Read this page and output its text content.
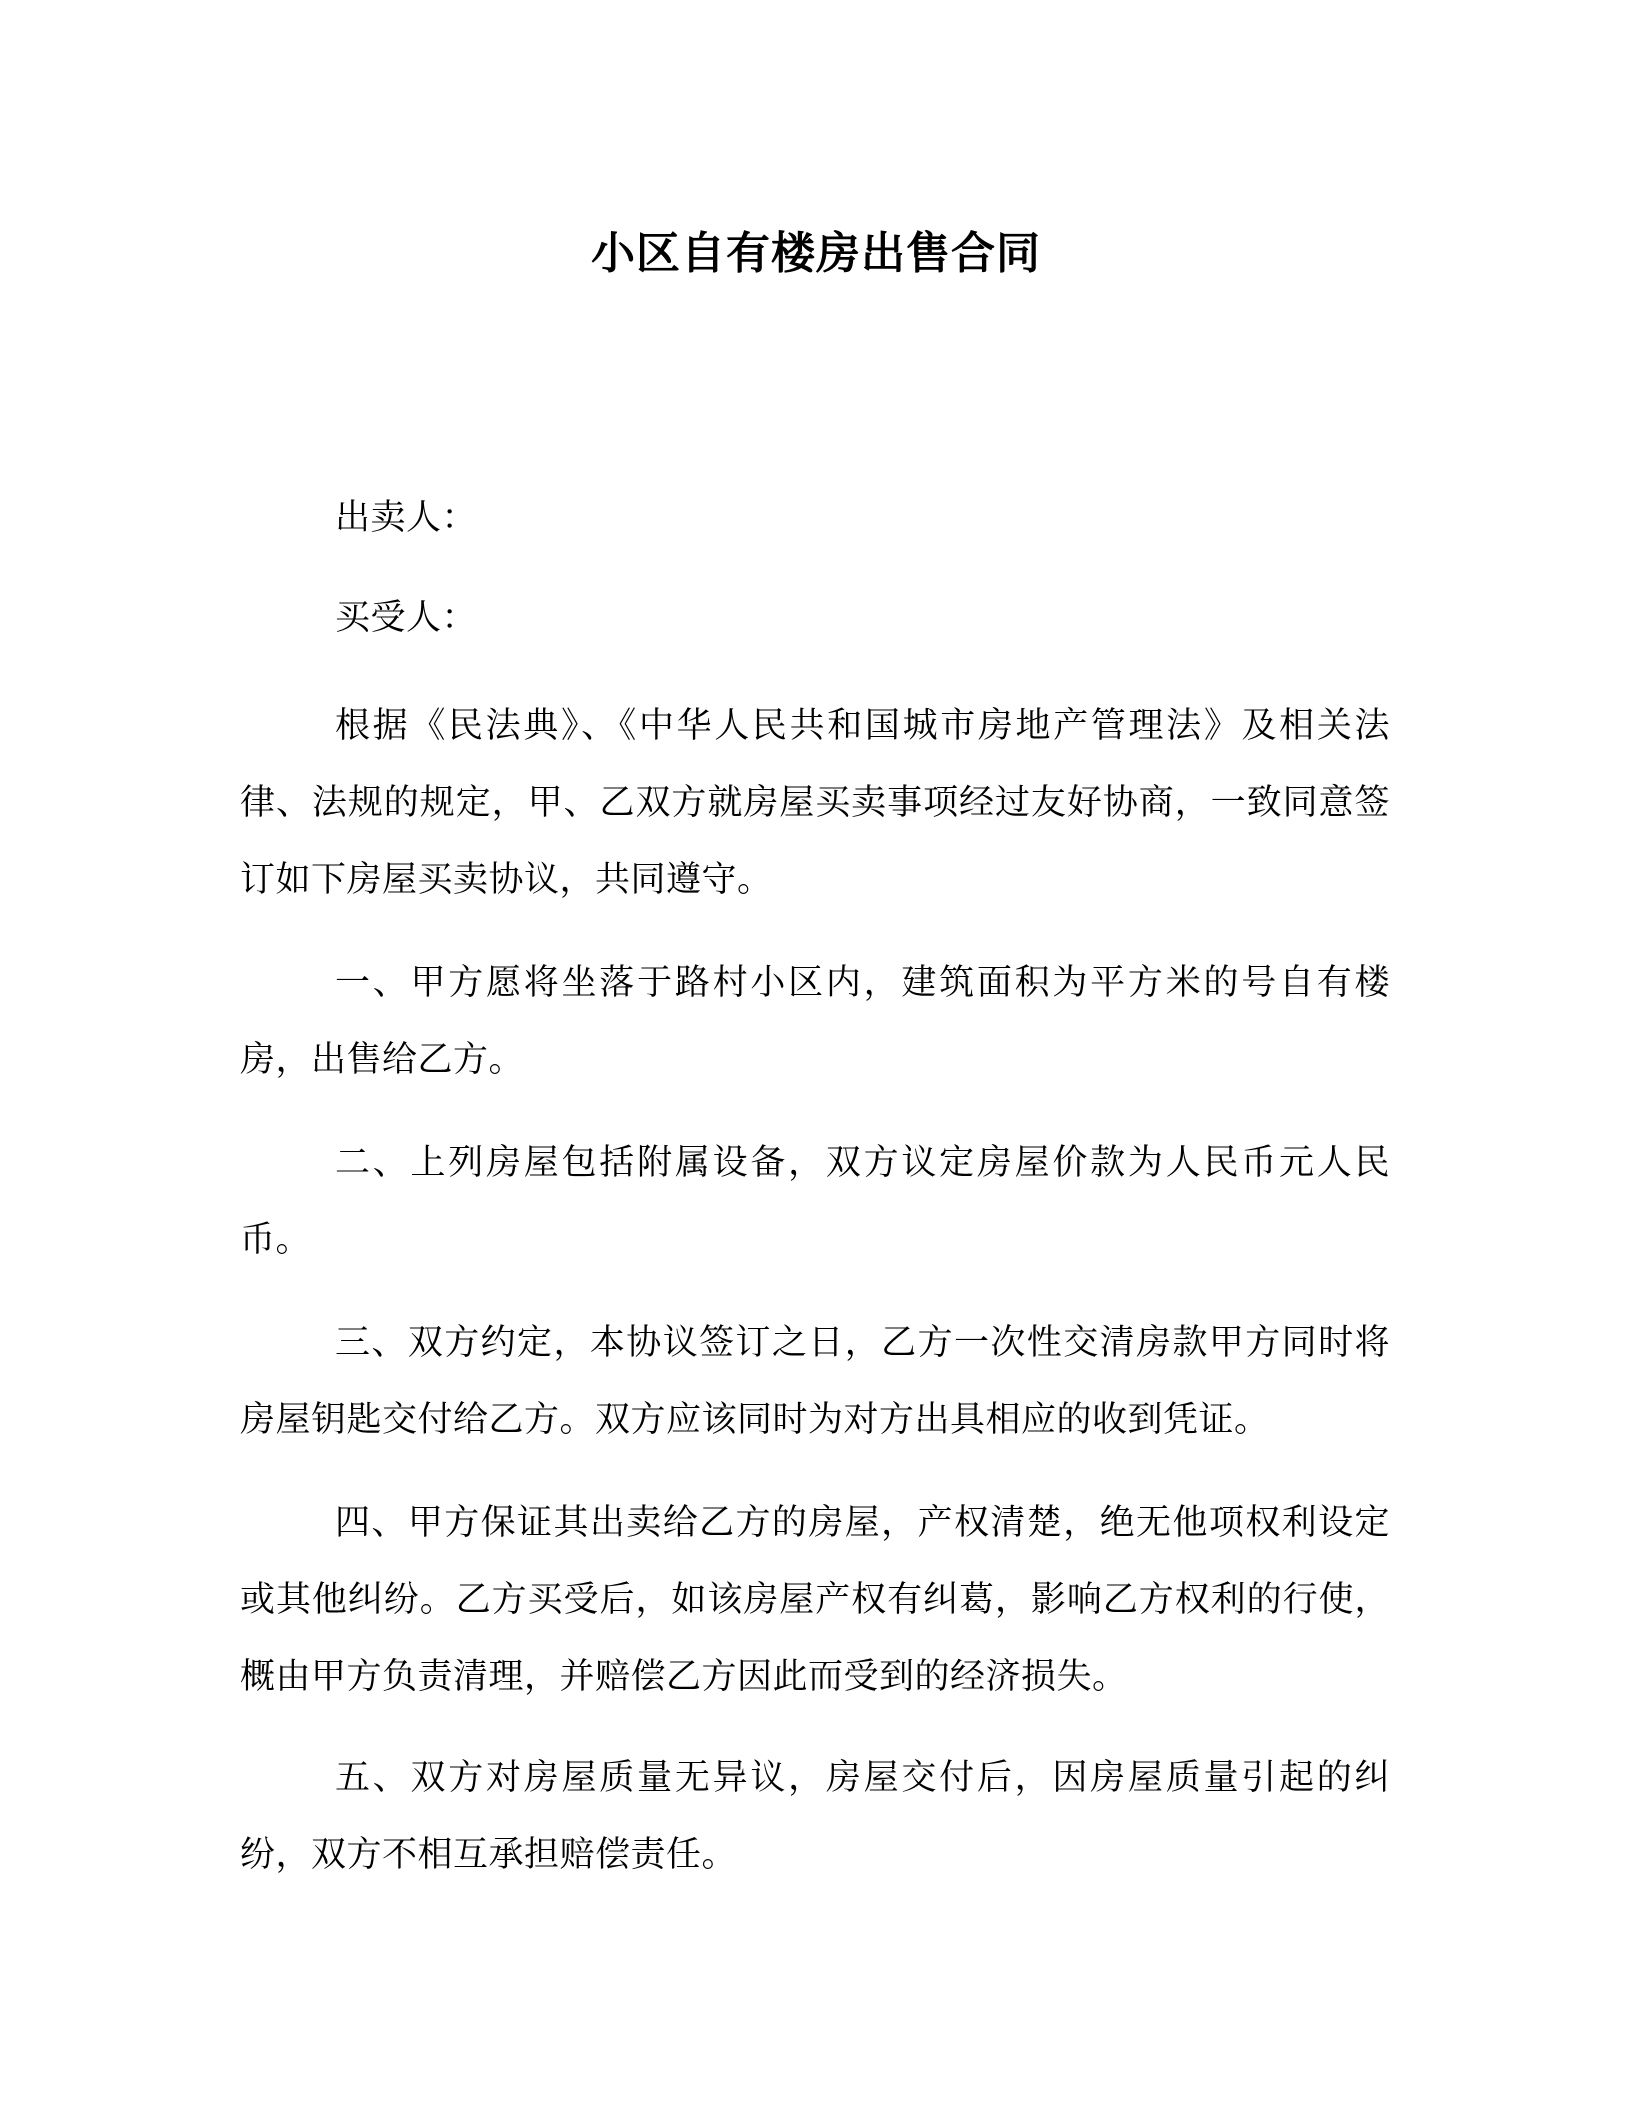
小区自有楼房出售合同

出卖人：

买受人：

根据《民法典》、《中华人民共和国城市房地产管理法》及相关法律、法规的规定，甲、乙双方就房屋买卖事项经过友好协商，一致同意签订如下房屋买卖协议，共同遵守。

一、甲方愿将坐落于路村小区内，建筑面积为平方米的号自有楼房，出售给乙方。

二、上列房屋包括附属设备，双方议定房屋价款为人民币元人民币。

三、双方约定，本协议签订之日，乙方一次性交清房款甲方同时将房屋钥匙交付给乙方。双方应该同时为对方出具相应的收到凭证。

四、甲方保证其出卖给乙方的房屋，产权清楚，绝无他项权利设定或其他纠纷。乙方买受后，如该房屋产权有纠葛，影响乙方权利的行使，概由甲方负责清理，并赔偿乙方因此而受到的经济损失。

五、双方对房屋质量无异议，房屋交付后，因房屋质量引起的纠纷，双方不相互承担赔偿责任。
